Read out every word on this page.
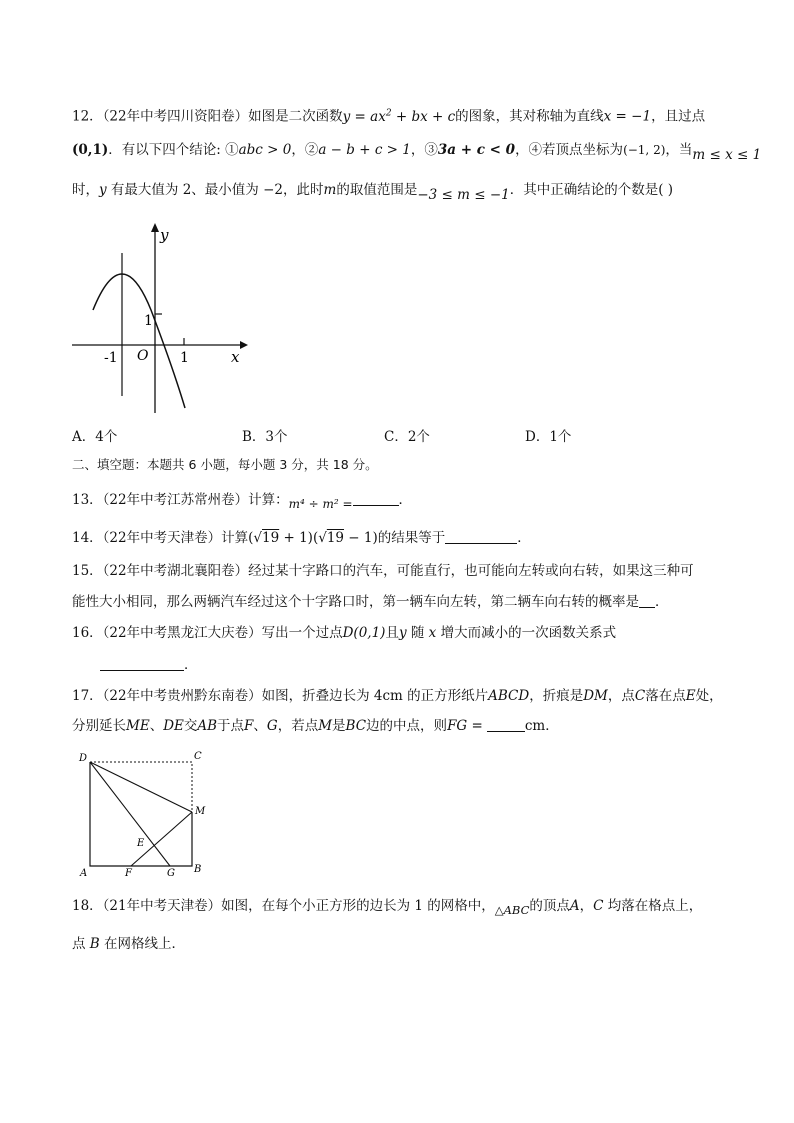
12．（22年中考四川资阳卷）如图是二次函数$y = ax^2$ + bx + c的图象，其对称轴为直线x = −1，且过点
(0,1)．有以下四个结论: ①abc > 0，②a − b + c > 1，③3a + c < 0，④若顶点坐标为(−1, 2)，当m ≤ x ≤ 1
时，y 有最大值为 2、最小值为 −2，此时m的取值范围是−3 ≤ m ≤ −1．其中正确结论的个数是( )
y
x
O
-1	1
1
A．4个	B．3个	C．2个	D．1个
二、填空题：本题共 6 小题，每小题 3 分，共 18 分。
13．（22年中考江苏常州卷）计算：m⁴ ÷ m² =	．
14．（22年中考天津卷）计算(√19 + 1)(√19 − 1)的结果等于	．
15．（22年中考湖北襄阳卷）经过某十字路口的汽车，可能直行，也可能向左转或向右转，如果这三种可
能性大小相同，那么两辆汽车经过这个十字路口时，第一辆车向左转，第二辆车向右转的概率是 ．
16．（22年中考黑龙江大庆卷）写出一个过点D(0,1)且y 随 x 增大而减小的一次函数关系式
．
17．（22年中考贵州黔东南卷）如图，折叠边长为 4cm 的正方形纸片ABCD，折痕是DM，点C落在点E处，
分别延长ME、DE交AB于点F、G，若点M是BC边的中点，则FG =	cm．
D	C
M
E
A	F	G B
18．（21年中考天津卷）如图，在每个小正方形的边长为 1 的网格中，△ABC的顶点A，C 均落在格点上，
点 B 在网格线上．
